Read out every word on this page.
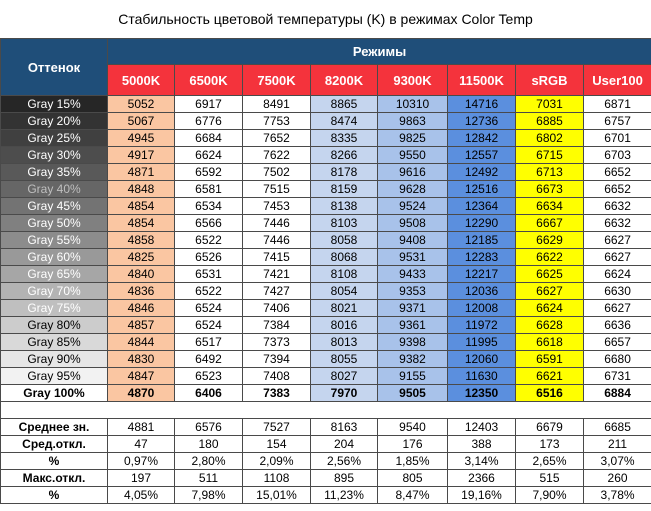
Стабильность цветовой температуры (K) в режимах Color Temp
Оттенок	Режимы							
	5000K	6500K	7500K	8200K	9300K	11500K	sRGB	User100
Gray 15%	5052	6917	8491	8865	10310	14716	7031	6871
Gray 20%	5067	6776	7753	8474	9863	12736	6885	6757
Gray 25%	4945	6684	7652	8335	9825	12842	6802	6701
Gray 30%	4917	6624	7622	8266	9550	12557	6715	6703
Gray 35%	4871	6592	7502	8178	9616	12492	6713	6652
Gray 40%	4848	6581	7515	8159	9628	12516	6673	6652
Gray 45%	4854	6534	7453	8138	9524	12364	6634	6632
Gray 50%	4854	6566	7446	8103	9508	12290	6667	6632
Gray 55%	4858	6522	7446	8058	9408	12185	6629	6627
Gray 60%	4825	6526	7415	8068	9531	12283	6622	6627
Gray 65%	4840	6531	7421	8108	9433	12217	6625	6624
Gray 70%	4836	6522	7427	8054	9353	12036	6627	6630
Gray 75%	4846	6524	7406	8021	9371	12008	6624	6627
Gray 80%	4857	6524	7384	8016	9361	11972	6628	6636
Gray 85%	4844	6517	7373	8013	9398	11995	6618	6657
Gray 90%	4830	6492	7394	8055	9382	12060	6591	6680
Gray 95%	4847	6523	7408	8027	9155	11630	6621	6731
Gray 100%	4870	6406	7383	7970	9505	12350	6516	6884

Среднее зн.	4881	6576	7527	8163	9540	12403	6679	6685
Сред.откл.	47	180	154	204	176	388	173	211
%	0,97%	2,80%	2,09%	2,56%	1,85%	3,14%	2,65%	3,07%
Макс.откл.	197	511	1108	895	805	2366	515	260
%	4,05%	7,98%	15,01%	11,23%	8,47%	19,16%	7,90%	3,78%
